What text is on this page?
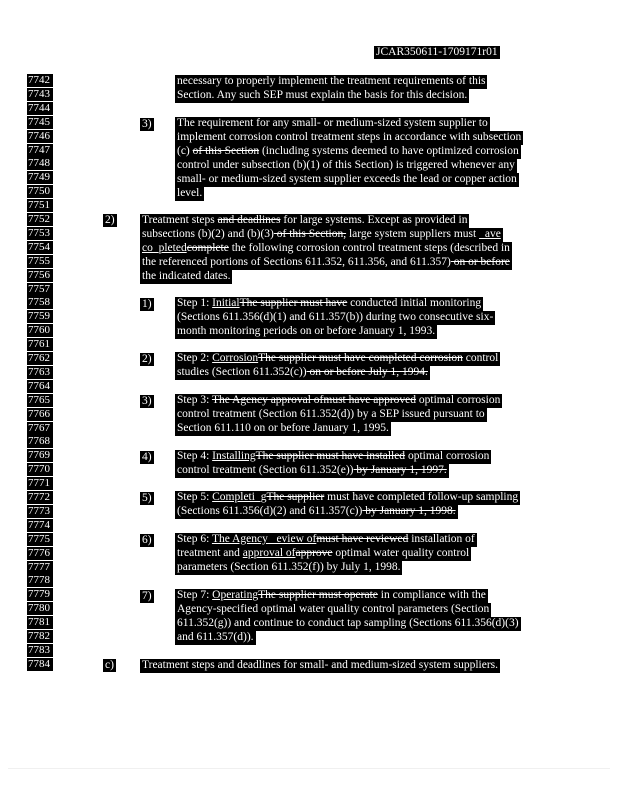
JCAR350611-1709171r01
7742
7743
7744
7745
7746
7747
7748
7749
7750
7751
7752
7753
7754
7755
7756
7757
7758
7759
7760
7761
7762
7763
7764
7765
7766
7767
7768
7769
7770
7771
7772
7773
7774
7775
7776
7777
7778
7779
7780
7781
7782
7783
7784
3)
2)
1)
2)
3)
4)
5)
6)
7)
c)
necessary to properly implement the treatment requirements of this
Section. Any such SEP must explain the basis for this decision.
The requirement for any small- or medium-sized system supplier to
implement corrosion control treatment steps in accordance with subsection
(c) of this Section (including systems deemed to have optimized corrosion
control under subsection (b)(1) of this Section) is triggered whenever any
small- or medium-sized system supplier exceeds the lead or copper action
level.
Treatment steps and deadlines for large systems. Except as provided in
subsections (b)(2) and (b)(3) of this Section, large system suppliers must _ave
co_pletedcomplete the following corrosion control treatment steps (described in
the referenced portions of Sections 611.352, 611.356, and 611.357) on or before
the indicated dates.
Step 1: InitialThe supplier must have conducted initial monitoring
(Sections 611.356(d)(1) and 611.357(b)) during two consecutive six-
month monitoring periods on or before January 1, 1993.
Step 2: CorrosionThe supplier must have completed corrosion control
studies (Section 611.352(c)) on or before July 1, 1994.
Step 3: The Agency approval ofmust have approved optimal corrosion
control treatment (Section 611.352(d)) by a SEP issued pursuant to
Section 611.110 on or before January 1, 1995.
Step 4: InstallingThe supplier must have installed optimal corrosion
control treatment (Section 611.352(e)) by January 1, 1997.
Step 5: Completi_gThe supplier must have completed follow-up sampling
(Sections 611.356(d)(2) and 611.357(c)) by January 1, 1998.
Step 6: The Agency _eview ofmust have reviewed installation of
treatment and approval ofapprove optimal water quality control
parameters (Section 611.352(f)) by July 1, 1998.
Step 7: OperatingThe supplier must operate in compliance with the
Agency-specified optimal water quality control parameters (Section
611.352(g)) and continue to conduct tap sampling (Sections 611.356(d)(3)
and 611.357(d)).
Treatment steps and deadlines for small- and medium-sized system suppliers.
